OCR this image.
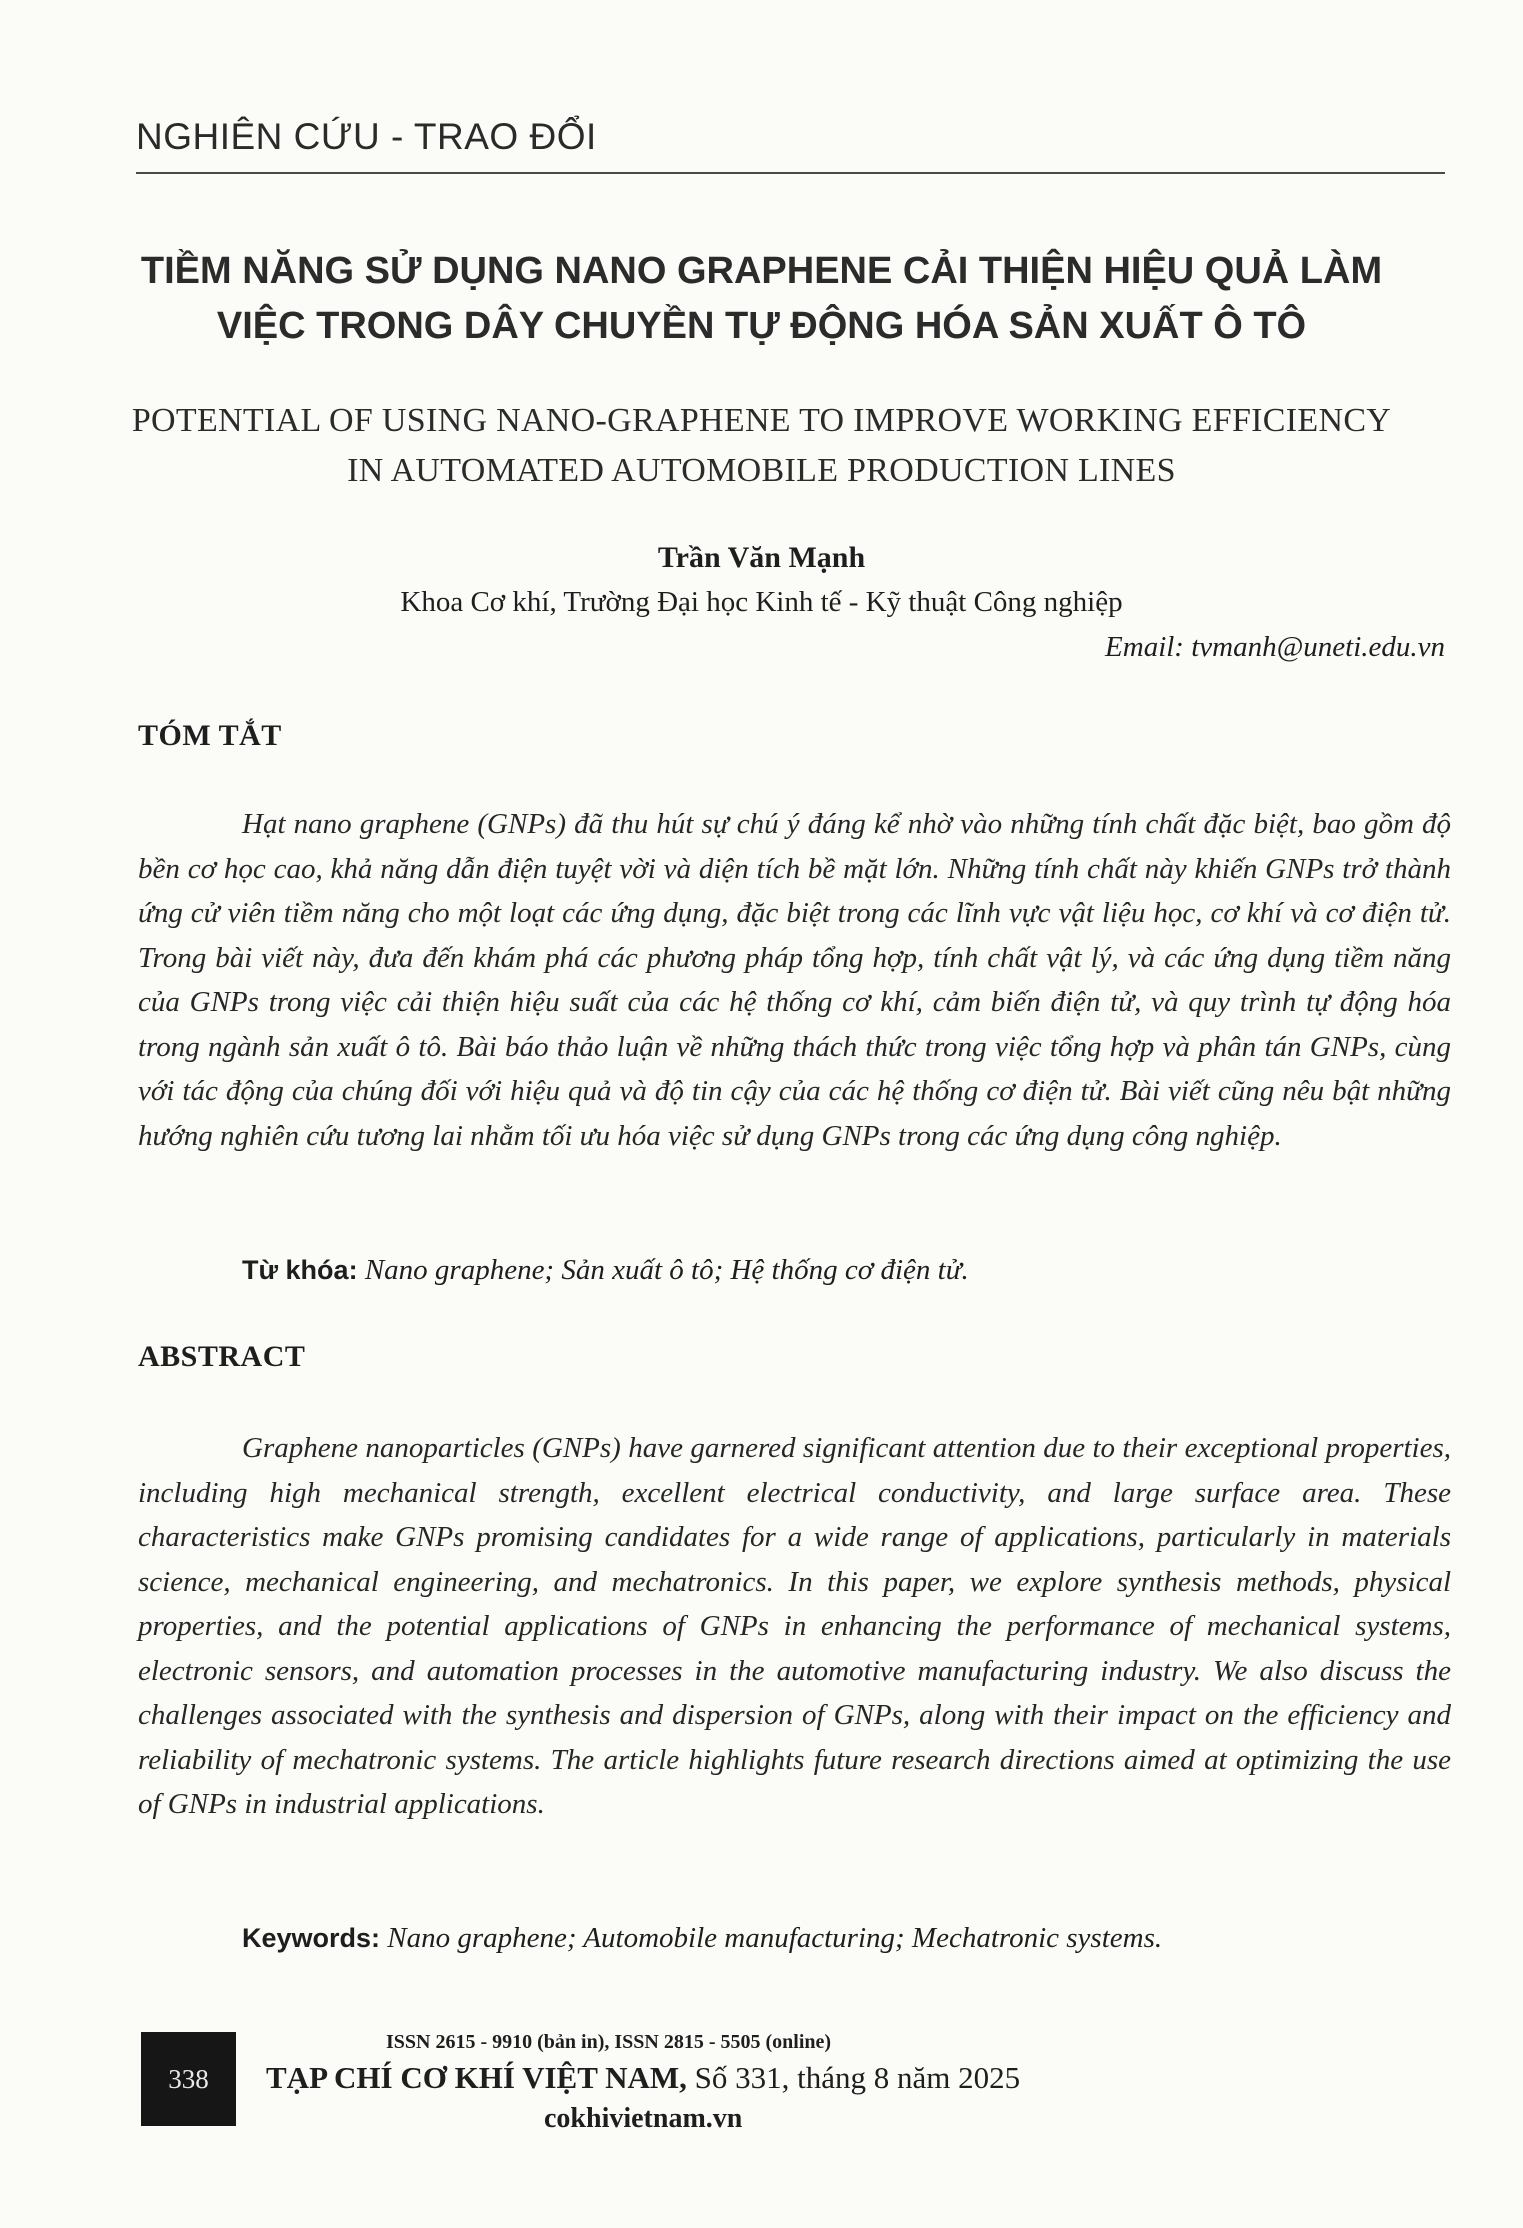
NGHIÊN CỨU - TRAO ĐỔI
TIỀM NĂNG SỬ DỤNG NANO GRAPHENE CẢI THIỆN HIỆU QUẢ LÀM VIỆC TRONG DÂY CHUYỀN TỰ ĐỘNG HÓA SẢN XUẤT Ô TÔ
POTENTIAL OF USING NANO-GRAPHENE TO IMPROVE WORKING EFFICIENCY IN AUTOMATED AUTOMOBILE PRODUCTION LINES
Trần Văn Mạnh
Khoa Cơ khí, Trường Đại học Kinh tế - Kỹ thuật Công nghiệp
Email: tvmanh@uneti.edu.vn
TÓM TẮT
Hạt nano graphene (GNPs) đã thu hút sự chú ý đáng kể nhờ vào những tính chất đặc biệt, bao gồm độ bền cơ học cao, khả năng dẫn điện tuyệt vời và diện tích bề mặt lớn. Những tính chất này khiến GNPs trở thành ứng cử viên tiềm năng cho một loạt các ứng dụng, đặc biệt trong các lĩnh vực vật liệu học, cơ khí và cơ điện tử. Trong bài viết này, đưa đến khám phá các phương pháp tổng hợp, tính chất vật lý, và các ứng dụng tiềm năng của GNPs trong việc cải thiện hiệu suất của các hệ thống cơ khí, cảm biến điện tử, và quy trình tự động hóa trong ngành sản xuất ô tô. Bài báo thảo luận về những thách thức trong việc tổng hợp và phân tán GNPs, cùng với tác động của chúng đối với hiệu quả và độ tin cậy của các hệ thống cơ điện tử. Bài viết cũng nêu bật những hướng nghiên cứu tương lai nhằm tối ưu hóa việc sử dụng GNPs trong các ứng dụng công nghiệp.
Từ khóa: Nano graphene; Sản xuất ô tô; Hệ thống cơ điện tử.
ABSTRACT
Graphene nanoparticles (GNPs) have garnered significant attention due to their exceptional properties, including high mechanical strength, excellent electrical conductivity, and large surface area. These characteristics make GNPs promising candidates for a wide range of applications, particularly in materials science, mechanical engineering, and mechatronics. In this paper, we explore synthesis methods, physical properties, and the potential applications of GNPs in enhancing the performance of mechanical systems, electronic sensors, and automation processes in the automotive manufacturing industry. We also discuss the challenges associated with the synthesis and dispersion of GNPs, along with their impact on the efficiency and reliability of mechatronic systems. The article highlights future research directions aimed at optimizing the use of GNPs in industrial applications.
Keywords: Nano graphene; Automobile manufacturing; Mechatronic systems.
338
ISSN 2615 - 9910 (bản in), ISSN 2815 - 5505 (online)
TẠP CHÍ CƠ KHÍ VIỆT NAM, Số 331, tháng 8 năm 2025
cokhivietnam.vn
